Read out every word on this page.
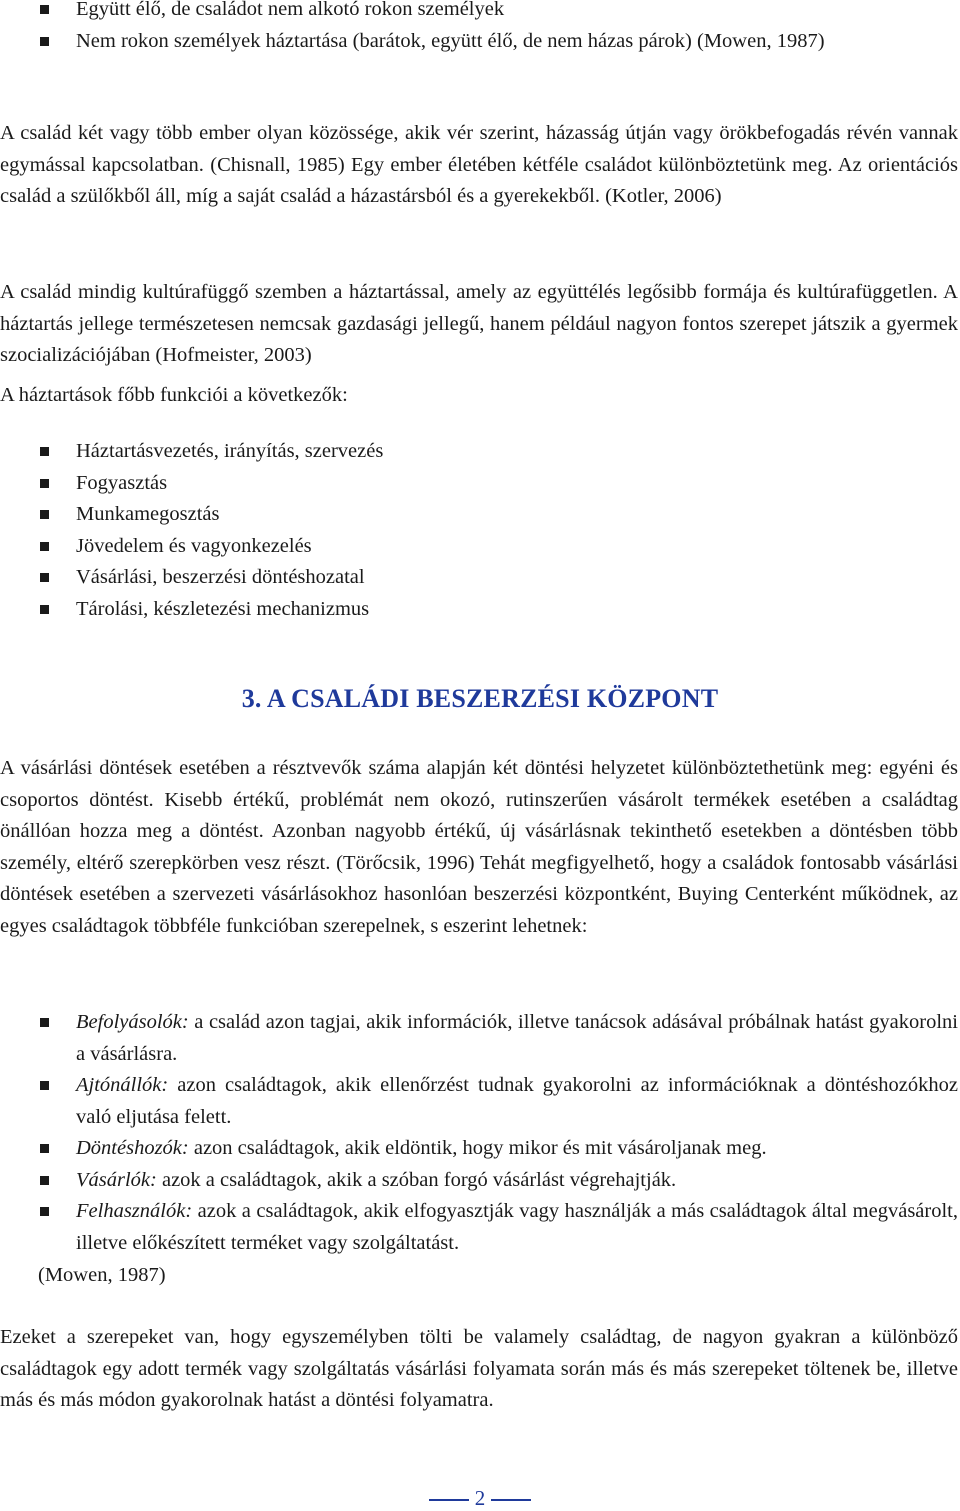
Együtt élő, de családot nem alkotó rokon személyek
Nem rokon személyek háztartása (barátok, együtt élő, de nem házas párok) (Mowen, 1987)

A család két vagy több ember olyan közössége, akik vér szerint, házasság útján vagy örökbefogadás révén vannak egymással kapcsolatban. (Chisnall, 1985) Egy ember életében kétféle családot különböztetünk meg. Az orientációs család a szülőkből áll, míg a saját család a házastársból és a gyerekekből. (Kotler, 2006)

A család mindig kultúrafüggő szemben a háztartással, amely az együttélés legősibb formája és kultúrafüggetlen. A háztartás jellege természetesen nemcsak gazdasági jellegű, hanem például nagyon fontos szerepet játszik a gyermek szocializációjában (Hofmeister, 2003)

A háztartások főbb funkciói a következők:

Háztartásvezetés, irányítás, szervezés
Fogyasztás
Munkamegosztás
Jövedelem és vagyonkezelés
Vásárlási, beszerzési döntéshozatal
Tárolási, készletezési mechanizmus
3. A CSALÁDI BESZERZÉSI KÖZPONT

A vásárlási döntések esetében a résztvevők száma alapján két döntési helyzetet különböztethetünk meg: egyéni és csoportos döntést. Kisebb értékű, problémát nem okozó, rutinszerűen vásárolt termékek esetében a családtag önállóan hozza meg a döntést. Azonban nagyobb értékű, új vásárlásnak tekinthető esetekben a döntésben több személy, eltérő szerepkörben vesz részt. (Törőcsik, 1996) Tehát megfigyelhető, hogy a családok fontosabb vásárlási döntések esetében a szervezeti vásárlásokhoz hasonlóan beszerzési központként, Buying Centerként működnek, az egyes családtagok többféle funkcióban szerepelnek, s eszerint lehetnek:

Befolyásolók: a család azon tagjai, akik információk, illetve tanácsok adásával próbálnak hatást gyakorolni a vásárlásra.
Ajtónállók: azon családtagok, akik ellenőrzést tudnak gyakorolni az információknak a döntéshozókhoz való eljutása felett.
Döntéshozók: azon családtagok, akik eldöntik, hogy mikor és mit vásároljanak meg.
Vásárlók: azok a családtagok, akik a szóban forgó vásárlást végrehajtják.
Felhasználók: azok a családtagok, akik elfogyasztják vagy használják a más családtagok által megvásárolt, illetve előkészített terméket vagy szolgáltatást.

(Mowen, 1987)

Ezeket a szerepeket van, hogy egyszemélyben tölti be valamely családtag, de nagyon gyakran a különböző családtagok egy adott termék vagy szolgáltatás vásárlási folyamata során más és más szerepeket töltenek be, illetve más és más módon gyakorolnak hatást a döntési folyamatra.

2
